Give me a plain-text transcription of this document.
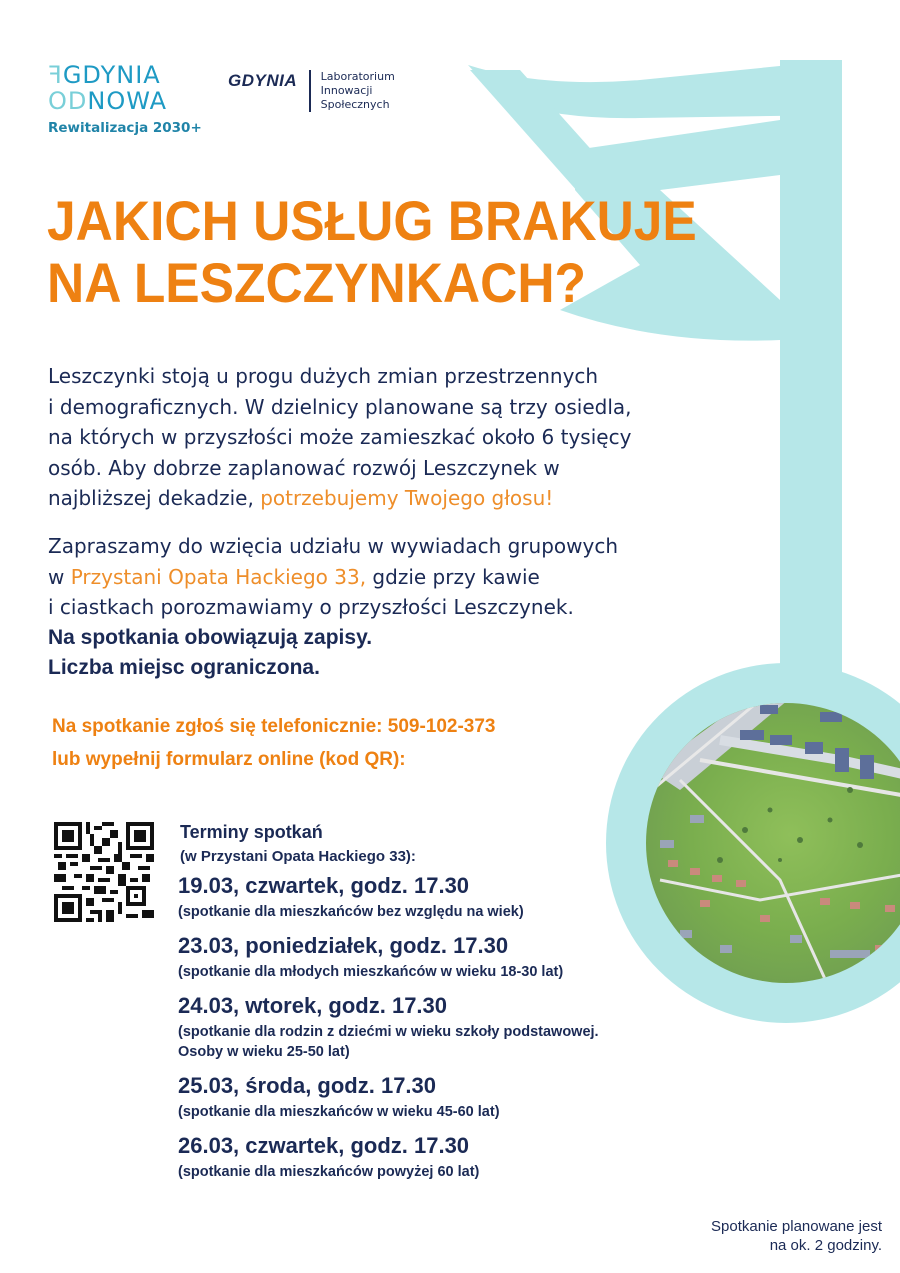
ꟻ GDYNIA
OD NOWA
Rewitalizacja 2030+
GDYNIA Laboratorium
Innowacji
Społecznych
JAKICH USŁUG BRAKUJE
NA LESZCZYNKACH?
Leszczynki stoją u progu dużych zmian przestrzennych
i demograficznych. W dzielnicy planowane są trzy osiedla,
na których w przyszłości może zamieszkać około 6 tysięcy
osób. Aby dobrze zaplanować rozwój Leszczynek w
najbliższej dekadzie, potrzebujemy Twojego głosu!
Zapraszamy do wzięcia udziału w wywiadach grupowych
w Przystani Opata Hackiego 33, gdzie przy kawie
i ciastkach porozmawiamy o przyszłości Leszczynek.
Na spotkania obowiązują zapisy.
Liczba miejsc ograniczona.
Na spotkanie zgłoś się telefonicznie: 509-102-373
lub wypełnij formularz online (kod QR):
Terminy spotkań
(w Przystani Opata Hackiego 33):
19.03, czwartek, godz. 17.30
(spotkanie dla mieszkańców bez względu na wiek)
23.03, poniedziałek, godz. 17.30
(spotkanie dla młodych mieszkańców w wieku 18-30 lat)
24.03, wtorek, godz. 17.30
(spotkanie dla rodzin z dziećmi w wieku szkoły podstawowej.
Osoby w wieku 25-50 lat)
25.03, środa, godz. 17.30
(spotkanie dla mieszkańców w wieku 45-60 lat)
26.03, czwartek, godz. 17.30
(spotkanie dla mieszkańców powyżej 60 lat)
Spotkanie planowane jest
na ok. 2 godziny.
